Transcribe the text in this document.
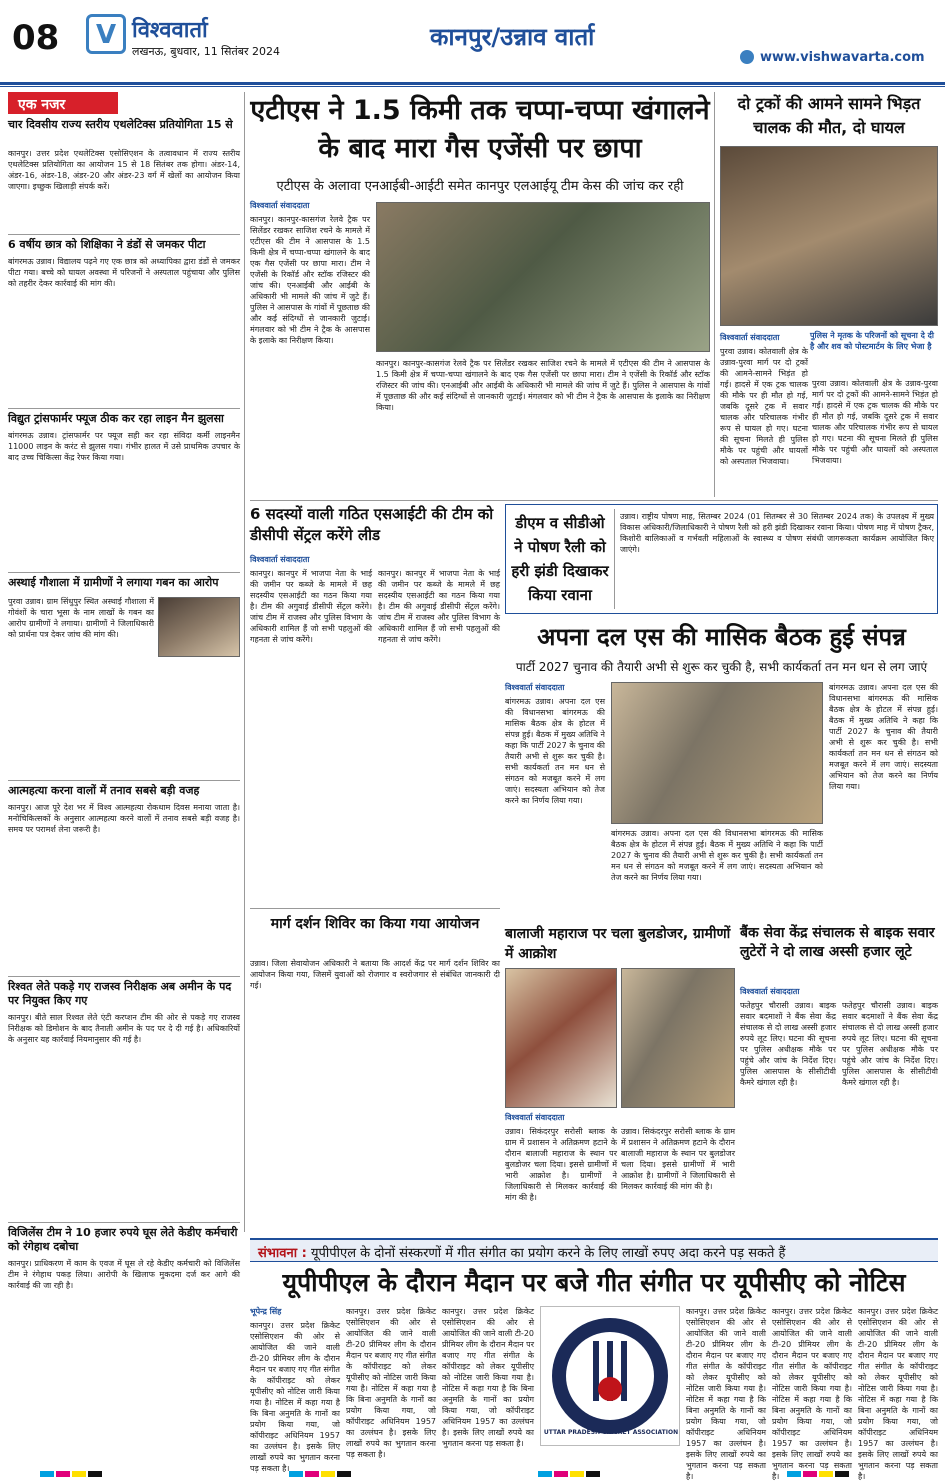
08	V विश्ववार्ता
लखनऊ, बुधवार, 11 सितंबर 2024
कानपुर/उन्नाव वार्ता
www.vishwavarta.com
एक नजर
चार दिवसीय राज्य स्तरीय एथलेटिक्स प्रतियोगिता 15 से
कानपुर। उत्तर प्रदेश एथलेटिक्स एसोसिएशन के तत्वावधान में राज्य स्तरीय एथलेटिक्स प्रतियोगिता का आयोजन 15 से 18 सितंबर तक होगा। अंडर-14, अंडर-16, अंडर-18, अंडर-20 और अंडर-23 वर्ग में खेलों का आयोजन किया जाएगा। इच्छुक खिलाड़ी संपर्क करें।
6 वर्षीय छात्र को शिक्षिका ने डंडों से जमकर पीटा
बांगरमऊ उन्नाव। विद्यालय पढ़ने गए एक छात्र को अध्यापिका द्वारा डंडों से जमकर पीटा गया। बच्चे को घायल अवस्था में परिजनों ने अस्पताल पहुंचाया और पुलिस को तहरीर देकर कार्रवाई की मांग की।
विद्युत ट्रांसफार्मर फ्यूज ठीक कर रहा लाइन मैन झुलसा
बांगरमऊ उन्नाव। ट्रांसफार्मर पर फ्यूज सही कर रहा संविदा कर्मी लाइनमैन 11000 लाइन के करंट से झुलस गया। गंभीर हालत में उसे प्राथमिक उपचार के बाद उच्च चिकित्सा केंद्र रेफर किया गया।
अस्थाई गौशाला में ग्रामीणों ने लगाया गबन का आरोप
पुरवा उन्नाव। ग्राम सिंधुपुर स्थित अस्थाई गौशाला में गोवंशों के चारा भूसा के नाम लाखों के गबन का आरोप ग्रामीणों ने लगाया। ग्रामीणों ने जिलाधिकारी को प्रार्थना पत्र देकर जांच की मांग की।
आत्महत्या करना वालों में तनाव सबसे बड़ी वजह
कानपुर। आज पूरे देश भर में विश्व आत्महत्या रोकथाम दिवस मनाया जाता है। मनोचिकित्सकों के अनुसार आत्महत्या करने वालों में तनाव सबसे बड़ी वजह है। समय पर परामर्श लेना जरूरी है।
रिश्वत लेते पकड़े गए राजस्व निरीक्षक अब अमीन के पद पर नियुक्त किए गए
कानपुर। बीते साल रिश्वत लेते एंटी करप्शन टीम की ओर से पकड़े गए राजस्व निरीक्षक को डिमोशन के बाद तैनाती अमीन के पद पर दे दी गई है। अधिकारियों के अनुसार यह कार्रवाई नियमानुसार की गई है।
विजिलेंस टीम ने 10 हजार रुपये घूस लेते केडीए कर्मचारी को रंगेहाथ दबोचा
कानपुर। प्राधिकरण में काम के एवज में घूस ले रहे केडीए कर्मचारी को विजिलेंस टीम ने रंगेहाथ पकड़ लिया। आरोपी के खिलाफ मुकदमा दर्ज कर आगे की कार्रवाई की जा रही है।
एटीएस ने 1.5 किमी तक चप्पा-चप्पा खंगालने के बाद मारा गैस एजेंसी पर छापा
एटीएस के अलावा एनआईबी-आईटी समेत कानपुर एलआईयू टीम केस की जांच कर रही
विश्ववार्ता संवाददाता
कानपुर। कानपुर-कासगंज रेलवे ट्रैक पर सिलेंडर रखकर साजिश रचने के मामले में एटीएस की टीम ने आसपास के 1.5 किमी क्षेत्र में चप्पा-चप्पा खंगालने के बाद एक गैस एजेंसी पर छापा मारा। टीम ने एजेंसी के रिकॉर्ड और स्टॉक रजिस्टर की जांच की। एनआईबी और आईबी के अधिकारी भी मामले की जांच में जुटे हैं। पुलिस ने आसपास के गांवों में पूछताछ की और कई संदिग्धों से जानकारी जुटाई। मंगलवार को भी टीम ने ट्रैक के आसपास के इलाके का निरीक्षण किया।
कानपुर। कानपुर-कासगंज रेलवे ट्रैक पर सिलेंडर रखकर साजिश रचने के मामले में एटीएस की टीम ने आसपास के 1.5 किमी क्षेत्र में चप्पा-चप्पा खंगालने के बाद एक गैस एजेंसी पर छापा मारा। टीम ने एजेंसी के रिकॉर्ड और स्टॉक रजिस्टर की जांच की। एनआईबी और आईबी के अधिकारी भी मामले की जांच में जुटे हैं। पुलिस ने आसपास के गांवों में पूछताछ की और कई संदिग्धों से जानकारी जुटाई। मंगलवार को भी टीम ने ट्रैक के आसपास के इलाके का निरीक्षण किया।
दो ट्रकों की आमने सामने भिड़त चालक की मौत, दो घायल
पुलिस ने मृतक के परिजनों को सूचना दे दी है और शव को पोस्टमार्टम के लिए भेजा है
विश्ववार्ता संवाददाता
पुरवा उन्नाव। कोतवाली क्षेत्र के उन्नाव-पुरवा मार्ग पर दो ट्रकों की आमने-सामने भिड़ंत हो गई। हादसे में एक ट्रक चालक की मौके पर ही मौत हो गई, जबकि दूसरे ट्रक में सवार चालक और परिचालक गंभीर रूप से घायल हो गए। घटना की सूचना मिलते ही पुलिस मौके पर पहुंची और घायलों को अस्पताल भिजवाया।
पुरवा उन्नाव। कोतवाली क्षेत्र के उन्नाव-पुरवा मार्ग पर दो ट्रकों की आमने-सामने भिड़ंत हो गई। हादसे में एक ट्रक चालक की मौके पर ही मौत हो गई, जबकि दूसरे ट्रक में सवार चालक और परिचालक गंभीर रूप से घायल हो गए। घटना की सूचना मिलते ही पुलिस मौके पर पहुंची और घायलों को अस्पताल भिजवाया।
6 सदस्यों वाली गठित एसआईटी की टीम को डीसीपी सेंट्रल करेंगे लीड
विश्ववार्ता संवाददाता
कानपुर। कानपुर में भाजपा नेता के भाई की जमीन पर कब्जे के मामले में छह सदस्यीय एसआईटी का गठन किया गया है। टीम की अगुवाई डीसीपी सेंट्रल करेंगे। जांच टीम में राजस्व और पुलिस विभाग के अधिकारी शामिल हैं जो सभी पहलुओं की गहनता से जांच करेंगे।
कानपुर। कानपुर में भाजपा नेता के भाई की जमीन पर कब्जे के मामले में छह सदस्यीय एसआईटी का गठन किया गया है। टीम की अगुवाई डीसीपी सेंट्रल करेंगे। जांच टीम में राजस्व और पुलिस विभाग के अधिकारी शामिल हैं जो सभी पहलुओं की गहनता से जांच करेंगे।
डीएम व सीडीओ ने पोषण रैली को हरी झंडी दिखाकर किया रवाना
उन्नाव। राष्ट्रीय पोषण माह, सितम्बर 2024 (01 सितम्बर से 30 सितम्बर 2024 तक) के उपलक्ष्य में मुख्य विकास अधिकारी/जिलाधिकारी ने पोषण रैली को हरी झंडी दिखाकर रवाना किया। पोषण माह में पोषण ट्रैकर, किशोरी बालिकाओं व गर्भवती महिलाओं के स्वास्थ्य व पोषण संबंधी जागरूकता कार्यक्रम आयोजित किए जाएंगे।
अपना दल एस की मासिक बैठक हुई संपन्न
पार्टी 2027 चुनाव की तैयारी अभी से शुरू कर चुकी है, सभी कार्यकर्ता तन मन धन से लग जाएं
विश्ववार्ता संवाददाता
बांगरमऊ उन्नाव। अपना दल एस की विधानसभा बांगरमऊ की मासिक बैठक क्षेत्र के होटल में संपन्न हुई। बैठक में मुख्य अतिथि ने कहा कि पार्टी 2027 के चुनाव की तैयारी अभी से शुरू कर चुकी है। सभी कार्यकर्ता तन मन धन से संगठन को मजबूत करने में लग जाएं। सदस्यता अभियान को तेज करने का निर्णय लिया गया।
बांगरमऊ उन्नाव। अपना दल एस की विधानसभा बांगरमऊ की मासिक बैठक क्षेत्र के होटल में संपन्न हुई। बैठक में मुख्य अतिथि ने कहा कि पार्टी 2027 के चुनाव की तैयारी अभी से शुरू कर चुकी है। सभी कार्यकर्ता तन मन धन से संगठन को मजबूत करने में लग जाएं। सदस्यता अभियान को तेज करने का निर्णय लिया गया।
बांगरमऊ उन्नाव। अपना दल एस की विधानसभा बांगरमऊ की मासिक बैठक क्षेत्र के होटल में संपन्न हुई। बैठक में मुख्य अतिथि ने कहा कि पार्टी 2027 के चुनाव की तैयारी अभी से शुरू कर चुकी है। सभी कार्यकर्ता तन मन धन से संगठन को मजबूत करने में लग जाएं। सदस्यता अभियान को तेज करने का निर्णय लिया गया।
मार्ग दर्शन शिविर का किया गया आयोजन
उन्नाव। जिला सेवायोजन अधिकारी ने बताया कि आदर्श केंद्र पर मार्ग दर्शन शिविर का आयोजन किया गया, जिसमें युवाओं को रोजगार व स्वरोजगार से संबंधित जानकारी दी गई।
बालाजी महाराज पर चला बुलडोजर, ग्रामीणों में आक्रोश
विश्ववार्ता संवाददाता
उन्नाव। सिकंदरपुर सरोसी ब्लाक के ग्राम में प्रशासन ने अतिक्रमण हटाने के दौरान बालाजी महाराज के स्थान पर बुलडोजर चला दिया। इससे ग्रामीणों में भारी आक्रोश है। ग्रामीणों ने जिलाधिकारी से मिलकर कार्रवाई की मांग की है।
उन्नाव। सिकंदरपुर सरोसी ब्लाक के ग्राम में प्रशासन ने अतिक्रमण हटाने के दौरान बालाजी महाराज के स्थान पर बुलडोजर चला दिया। इससे ग्रामीणों में भारी आक्रोश है। ग्रामीणों ने जिलाधिकारी से मिलकर कार्रवाई की मांग की है।
बैंक सेवा केंद्र संचालक से बाइक सवार लुटेरों ने दो लाख अस्सी हजार लूटे
विश्ववार्ता संवाददाता
फतेहपुर चौरासी उन्नाव। बाइक सवार बदमाशों ने बैंक सेवा केंद्र संचालक से दो लाख अस्सी हजार रुपये लूट लिए। घटना की सूचना पर पुलिस अधीक्षक मौके पर पहुंचे और जांच के निर्देश दिए। पुलिस आसपास के सीसीटीवी कैमरे खंगाल रही है।
फतेहपुर चौरासी उन्नाव। बाइक सवार बदमाशों ने बैंक सेवा केंद्र संचालक से दो लाख अस्सी हजार रुपये लूट लिए। घटना की सूचना पर पुलिस अधीक्षक मौके पर पहुंचे और जांच के निर्देश दिए। पुलिस आसपास के सीसीटीवी कैमरे खंगाल रही है।
संभावना : यूपीपीएल के दोनों संस्करणों में गीत संगीत का प्रयोग करने के लिए लाखों रुपए अदा करने पड़ सकते हैं
यूपीपीएल के दौरान मैदान पर बजे गीत संगीत पर यूपीसीए को नोटिस
भूपेन्द्र सिंह
कानपुर। उत्तर प्रदेश क्रिकेट एसोसिएशन की ओर से आयोजित की जाने वाली टी-20 प्रीमियर लीग के दौरान मैदान पर बजाए गए गीत संगीत के कॉपीराइट को लेकर यूपीसीए को नोटिस जारी किया गया है। नोटिस में कहा गया है कि बिना अनुमति के गानों का प्रयोग किया गया, जो कॉपीराइट अधिनियम 1957 का उल्लंघन है। इसके लिए लाखों रुपये का भुगतान करना पड़ सकता है।
कानपुर। उत्तर प्रदेश क्रिकेट एसोसिएशन की ओर से आयोजित की जाने वाली टी-20 प्रीमियर लीग के दौरान मैदान पर बजाए गए गीत संगीत के कॉपीराइट को लेकर यूपीसीए को नोटिस जारी किया गया है। नोटिस में कहा गया है कि बिना अनुमति के गानों का प्रयोग किया गया, जो कॉपीराइट अधिनियम 1957 का उल्लंघन है। इसके लिए लाखों रुपये का भुगतान करना पड़ सकता है।
कानपुर। उत्तर प्रदेश क्रिकेट एसोसिएशन की ओर से आयोजित की जाने वाली टी-20 प्रीमियर लीग के दौरान मैदान पर बजाए गए गीत संगीत के कॉपीराइट को लेकर यूपीसीए को नोटिस जारी किया गया है। नोटिस में कहा गया है कि बिना अनुमति के गानों का प्रयोग किया गया, जो कॉपीराइट अधिनियम 1957 का उल्लंघन है। इसके लिए लाखों रुपये का भुगतान करना पड़ सकता है।
UTTAR PRADESH CRICKET ASSOCIATION
कानपुर। उत्तर प्रदेश क्रिकेट एसोसिएशन की ओर से आयोजित की जाने वाली टी-20 प्रीमियर लीग के दौरान मैदान पर बजाए गए गीत संगीत के कॉपीराइट को लेकर यूपीसीए को नोटिस जारी किया गया है। नोटिस में कहा गया है कि बिना अनुमति के गानों का प्रयोग किया गया, जो कॉपीराइट अधिनियम 1957 का उल्लंघन है। इसके लिए लाखों रुपये का भुगतान करना पड़ सकता है।
कानपुर। उत्तर प्रदेश क्रिकेट एसोसिएशन की ओर से आयोजित की जाने वाली टी-20 प्रीमियर लीग के दौरान मैदान पर बजाए गए गीत संगीत के कॉपीराइट को लेकर यूपीसीए को नोटिस जारी किया गया है। नोटिस में कहा गया है कि बिना अनुमति के गानों का प्रयोग किया गया, जो कॉपीराइट अधिनियम 1957 का उल्लंघन है। इसके लिए लाखों रुपये का भुगतान करना पड़ सकता है।
कानपुर। उत्तर प्रदेश क्रिकेट एसोसिएशन की ओर से आयोजित की जाने वाली टी-20 प्रीमियर लीग के दौरान मैदान पर बजाए गए गीत संगीत के कॉपीराइट को लेकर यूपीसीए को नोटिस जारी किया गया है। नोटिस में कहा गया है कि बिना अनुमति के गानों का प्रयोग किया गया, जो कॉपीराइट अधिनियम 1957 का उल्लंघन है। इसके लिए लाखों रुपये का भुगतान करना पड़ सकता है।
